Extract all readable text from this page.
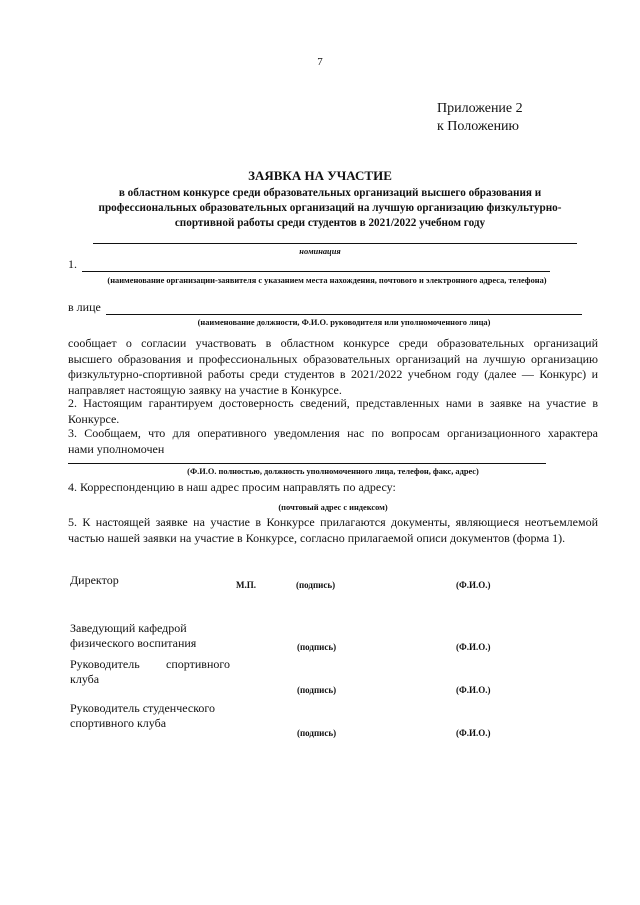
7
Приложение 2
к Положению
ЗАЯВКА НА УЧАСТИЕ
в областном конкурсе среди образовательных организаций высшего образования и
профессиональных образовательных организаций на лучшую организацию физкультурно-
спортивной работы среди студентов в 2021/2022 учебном году
номинация
1.
(наименование организации-заявителя с указанием места нахождения, почтового и электронного адреса, телефона)
в лице
(наименование должности, Ф.И.О. руководителя или уполномоченного лица)
сообщает о согласии участвовать в областном конкурсе среди образовательных организаций
высшего образования и профессиональных образовательных организаций на лучшую организацию
физкультурно-спортивной работы среди студентов в 2021/2022 учебном году (далее — Конкурс) и
направляет настоящую заявку на участие в Конкурсе.
2. Настоящим гарантируем достоверность сведений, представленных нами в заявке на участие в
Конкурсе.
3. Сообщаем, что для оперативного уведомления нас по вопросам организационного характера
нами уполномочен
(Ф.И.О. полностью, должность уполномоченного лица, телефон, факс, адрес)
4. Корреспонденцию в наш адрес просим направлять по адресу:
(почтовый адрес с индексом)
5. К настоящей заявке на участие в Конкурсе прилагаются документы, являющиеся неотъемлемой
частью нашей заявки на участие в Конкурсе, согласно прилагаемой описи документов (форма 1).
Директор	М.П.	(подпись)	(Ф.И.О.)
Заведующий кафедрой
физического воспитания	(подпись)	(Ф.И.О.)
Руководитель спортивного
клуба
(подпись)	(Ф.И.О.)
Руководитель студенческого
спортивного клуба
(подпись)	(Ф.И.О.)
